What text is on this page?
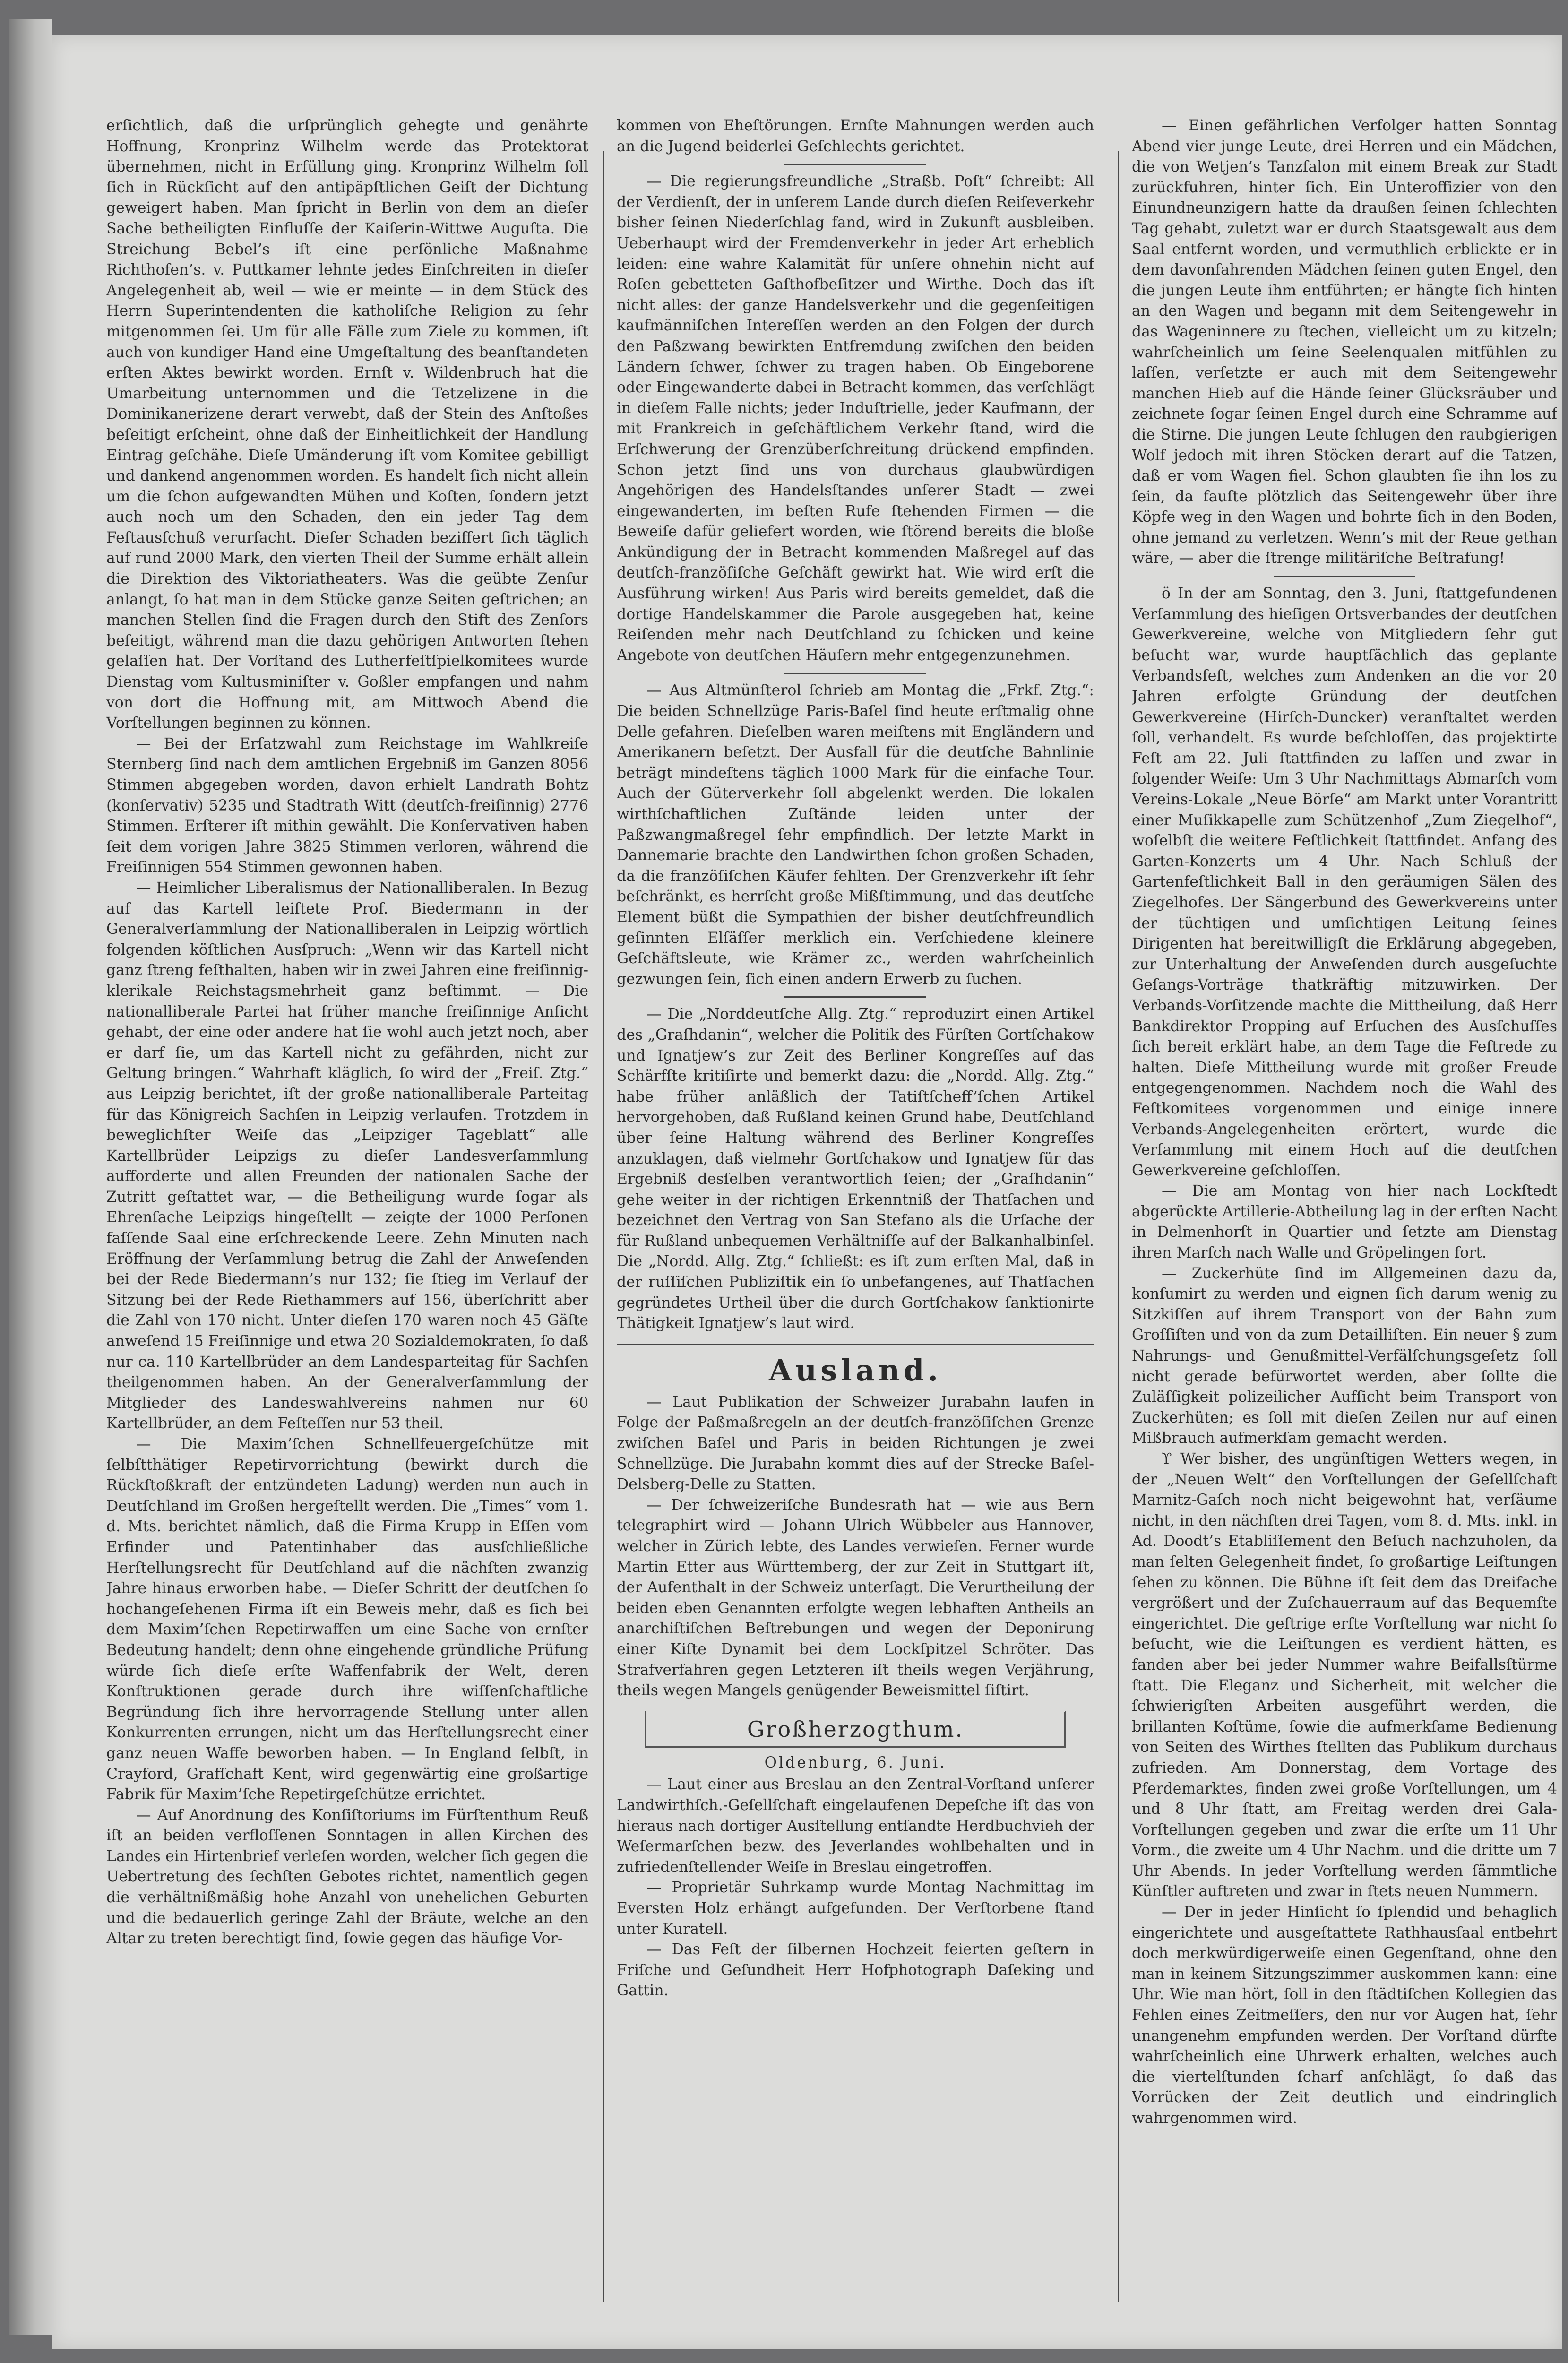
erſichtlich, daß die urſprünglich gehegte und genährte Hoffnung, Kronprinz Wilhelm werde das Protektorat übernehmen, nicht in Erfüllung ging. Kronprinz Wilhelm ſoll ſich in Rückſicht auf den antipäpſtlichen Geiſt der Dichtung geweigert haben. Man ſpricht in Berlin von dem an dieſer Sache betheiligten Einfluſſe der Kaiſerin-Wittwe Auguſta. Die Streichung Bebel’s iſt eine perſönliche Maßnahme Richthofen’s. v. Puttkamer lehnte jedes Einſchreiten in dieſer Angelegenheit ab, weil — wie er meinte — in dem Stück des Herrn Superintendenten die katholiſche Religion zu ſehr mitgenommen ſei. Um für alle Fälle zum Ziele zu kommen, iſt auch von kundiger Hand eine Umgeſtaltung des beanſtandeten erſten Aktes bewirkt worden. Ernſt v. Wildenbruch hat die Umarbeitung unternommen und die Tetzelizene in die Dominikanerizene derart verwebt, daß der Stein des Anſtoßes beſeitigt erſcheint, ohne daß der Einheitlichkeit der Handlung Eintrag geſchähe. Dieſe Umänderung iſt vom Komitee gebilligt und dankend angenommen worden. Es handelt ſich nicht allein um die ſchon aufgewandten Mühen und Koſten, ſondern jetzt auch noch um den Schaden, den ein jeder Tag dem Feſtausſchuß verurſacht. Dieſer Schaden beziffert ſich täglich auf rund 2000 Mark, den vierten Theil der Summe erhält allein die Direktion des Viktoriatheaters. Was die geübte Zenſur anlangt, ſo hat man in dem Stücke ganze Seiten geſtrichen; an manchen Stellen ſind die Fragen durch den Stift des Zenſors beſeitigt, während man die dazu gehörigen Antworten ſtehen gelaſſen hat. Der Vorſtand des Lutherfeſtſpielkomitees wurde Dienstag vom Kultusminiſter v. Goßler empfangen und nahm von dort die Hoffnung mit, am Mittwoch Abend die Vorſtellungen beginnen zu können.

— Bei der Erſatzwahl zum Reichstage im Wahlkreiſe Sternberg ſind nach dem amtlichen Ergebniß im Ganzen 8056 Stimmen abgegeben worden, davon erhielt Landrath Bohtz (konſervativ) 5235 und Stadtrath Witt (deutſch-freiſinnig) 2776 Stimmen. Erſterer iſt mithin gewählt. Die Konſervativen haben ſeit dem vorigen Jahre 3825 Stimmen verloren, während die Freiſinnigen 554 Stimmen gewonnen haben.

— Heimlicher Liberalismus der Nationalliberalen. In Bezug auf das Kartell leiſtete Prof. Biedermann in der Generalverſammlung der Nationalliberalen in Leipzig wörtlich folgenden köſtlichen Ausſpruch: „Wenn wir das Kartell nicht ganz ſtreng feſthalten, haben wir in zwei Jahren eine freiſinnig-klerikale Reichstagsmehrheit ganz beſtimmt. — Die nationalliberale Partei hat früher manche freiſinnige Anſicht gehabt, der eine oder andere hat ſie wohl auch jetzt noch, aber er darf ſie, um das Kartell nicht zu gefährden, nicht zur Geltung bringen.“ Wahrhaft kläglich, ſo wird der „Freiſ. Ztg.“ aus Leipzig berichtet, iſt der große nationalliberale Parteitag für das Königreich Sachſen in Leipzig verlaufen. Trotzdem in beweglichſter Weiſe das „Leipziger Tageblatt“ alle Kartellbrüder Leipzigs zu dieſer Landesverſammlung aufforderte und allen Freunden der nationalen Sache der Zutritt geſtattet war, — die Betheiligung wurde ſogar als Ehrenſache Leipzigs hingeſtellt — zeigte der 1000 Perſonen faſſende Saal eine erſchreckende Leere. Zehn Minuten nach Eröffnung der Verſammlung betrug die Zahl der Anweſenden bei der Rede Biedermann’s nur 132; ſie ſtieg im Verlauf der Sitzung bei der Rede Riethammers auf 156, überſchritt aber die Zahl von 170 nicht. Unter dieſen 170 waren noch 45 Gäſte anweſend 15 Freiſinnige und etwa 20 Sozialdemokraten, ſo daß nur ca. 110 Kartellbrüder an dem Landesparteitag für Sachſen theilgenommen haben. An der Generalverſammlung der Mitglieder des Landeswahlvereins nahmen nur 60 Kartellbrüder, an dem Feſteſſen nur 53 theil.

— Die Maxim’ſchen Schnellfeuergeſchütze mit ſelbſtthätiger Repetirvorrichtung (bewirkt durch die Rückſtoßkraft der entzündeten Ladung) werden nun auch in Deutſchland im Großen hergeſtellt werden. Die „Times“ vom 1. d. Mts. berichtet nämlich, daß die Firma Krupp in Eſſen vom Erfinder und Patentinhaber das ausſchließliche Herſtellungsrecht für Deutſchland auf die nächſten zwanzig Jahre hinaus erworben habe. — Dieſer Schritt der deutſchen ſo hochangeſehenen Firma iſt ein Beweis mehr, daß es ſich bei dem Maxim’ſchen Repetirwaffen um eine Sache von ernſter Bedeutung handelt; denn ohne eingehende gründliche Prüfung würde ſich dieſe erſte Waffenfabrik der Welt, deren Konſtruktionen gerade durch ihre wiſſenſchaftliche Begründung ſich ihre hervorragende Stellung unter allen Konkurrenten errungen, nicht um das Herſtellungsrecht einer ganz neuen Waffe beworben haben. — In England ſelbſt, in Crayford, Grafſchaft Kent, wird gegenwärtig eine großartige Fabrik für Maxim’ſche Repetirgeſchütze errichtet.

— Auf Anordnung des Konſiſtoriums im Fürſtenthum Reuß iſt an beiden verfloſſenen Sonntagen in allen Kirchen des Landes ein Hirtenbrief verleſen worden, welcher ſich gegen die Uebertretung des ſechſten Gebotes richtet, namentlich gegen die verhältnißmäßig hohe Anzahl von unehelichen Geburten und die bedauerlich geringe Zahl der Bräute, welche an den Altar zu treten berechtigt ſind, ſowie gegen das häufige Vor-

kommen von Eheſtörungen. Ernſte Mahnungen werden auch an die Jugend beiderlei Geſchlechts gerichtet.

— Die regierungsfreundliche „Straßb. Poſt“ ſchreibt: All der Verdienſt, der in unſerem Lande durch dieſen Reiſeverkehr bisher ſeinen Niederſchlag fand, wird in Zukunft ausbleiben. Ueberhaupt wird der Fremdenverkehr in jeder Art erheblich leiden: eine wahre Kalamität für unſere ohnehin nicht auf Roſen gebetteten Gaſthofbeſitzer und Wirthe. Doch das iſt nicht alles: der ganze Handelsverkehr und die gegenſeitigen kaufmänniſchen Intereſſen werden an den Folgen der durch den Paßzwang bewirkten Entfremdung zwiſchen den beiden Ländern ſchwer, ſchwer zu tragen haben. Ob Eingeborene oder Eingewanderte dabei in Betracht kommen, das verſchlägt in dieſem Falle nichts; jeder Induſtrielle, jeder Kaufmann, der mit Frankreich in geſchäftlichem Verkehr ſtand, wird die Erſchwerung der Grenzüberſchreitung drückend empfinden. Schon jetzt ſind uns von durchaus glaubwürdigen Angehörigen des Handelsſtandes unſerer Stadt — zwei eingewanderten, im beſten Rufe ſtehenden Firmen — die Beweiſe dafür geliefert worden, wie ſtörend bereits die bloße Ankündigung der in Betracht kommenden Maßregel auf das deutſch-franzöſiſche Geſchäft gewirkt hat. Wie wird erſt die Ausführung wirken! Aus Paris wird bereits gemeldet, daß die dortige Handelskammer die Parole ausgegeben hat, keine Reiſenden mehr nach Deutſchland zu ſchicken und keine Angebote von deutſchen Häuſern mehr entgegenzunehmen.

— Aus Altmünſterol ſchrieb am Montag die „Frkf. Ztg.“: Die beiden Schnellzüge Paris-Baſel ſind heute erſtmalig ohne Delle gefahren. Dieſelben waren meiſtens mit Engländern und Amerikanern beſetzt. Der Ausfall für die deutſche Bahnlinie beträgt mindeſtens täglich 1000 Mark für die einfache Tour. Auch der Güterverkehr ſoll abgelenkt werden. Die lokalen wirthſchaftlichen Zuſtände leiden unter der Paßzwangmaßregel ſehr empfindlich. Der letzte Markt in Dannemarie brachte den Landwirthen ſchon großen Schaden, da die franzöſiſchen Käufer fehlten. Der Grenzverkehr iſt ſehr beſchränkt, es herrſcht große Mißſtimmung, und das deutſche Element büßt die Sympathien der bisher deutſchfreundlich geſinnten Elſäſſer merklich ein. Verſchiedene kleinere Geſchäftsleute, wie Krämer zc., werden wahrſcheinlich gezwungen ſein, ſich einen andern Erwerb zu ſuchen.

— Die „Norddeutſche Allg. Ztg.“ reproduzirt einen Artikel des „Graſhdanin“, welcher die Politik des Fürſten Gortſchakow und Ignatjew’s zur Zeit des Berliner Kongreſſes auf das Schärfſte kritiſirte und bemerkt dazu: die „Nordd. Allg. Ztg.“ habe früher anläßlich der Tatiſtſcheff’ſchen Artikel hervorgehoben, daß Rußland keinen Grund habe, Deutſchland über ſeine Haltung während des Berliner Kongreſſes anzuklagen, daß vielmehr Gortſchakow und Ignatjew für das Ergebniß desſelben verantwortlich ſeien; der „Graſhdanin“ gehe weiter in der richtigen Erkenntniß der Thatſachen und bezeichnet den Vertrag von San Stefano als die Urſache der für Rußland unbequemen Verhältniſſe auf der Balkanhalbinſel. Die „Nordd. Allg. Ztg.“ ſchließt: es iſt zum erſten Mal, daß in der ruſſiſchen Publiziſtik ein ſo unbefangenes, auf Thatſachen gegründetes Urtheil über die durch Gortſchakow ſanktionirte Thätigkeit Ignatjew’s laut wird.

Ausland.

— Laut Publikation der Schweizer Jurabahn laufen in Folge der Paßmaßregeln an der deutſch-franzöſiſchen Grenze zwiſchen Baſel und Paris in beiden Richtungen je zwei Schnellzüge. Die Jurabahn kommt dies auf der Strecke Baſel-Delsberg-Delle zu Statten.

— Der ſchweizeriſche Bundesrath hat — wie aus Bern telegraphirt wird — Johann Ulrich Wübbeler aus Hannover, welcher in Zürich lebte, des Landes verwieſen. Ferner wurde Martin Etter aus Württemberg, der zur Zeit in Stuttgart iſt, der Aufenthalt in der Schweiz unterſagt. Die Verurtheilung der beiden eben Genannten erfolgte wegen lebhaften Antheils an anarchiſtiſchen Beſtrebungen und wegen der Deponirung einer Kiſte Dynamit bei dem Lockſpitzel Schröter. Das Strafverfahren gegen Letzteren iſt theils wegen Verjährung, theils wegen Mangels genügender Beweismittel ſiſtirt.

Großherzogthum.
Oldenburg, 6. Juni.

— Laut einer aus Breslau an den Zentral-Vorſtand unſerer Landwirthſch.-Geſellſchaft eingelaufenen Depeſche iſt das von hieraus nach dortiger Ausſtellung entſandte Herdbuchvieh der Weſermarſchen bezw. des Jeverlandes wohlbehalten und in zufriedenſtellender Weiſe in Breslau eingetroffen.

— Proprietär Suhrkamp wurde Montag Nachmittag im Eversten Holz erhängt aufgefunden. Der Verſtorbene ſtand unter Kuratell.

— Das Feſt der ſilbernen Hochzeit feierten geſtern in Friſche und Geſundheit Herr Hofphotograph Daſeking und Gattin.

— Einen gefährlichen Verfolger hatten Sonntag Abend vier junge Leute, drei Herren und ein Mädchen, die von Wetjen’s Tanzſalon mit einem Break zur Stadt zurückfuhren, hinter ſich. Ein Unteroffizier von den Einundneunzigern hatte da draußen ſeinen ſchlechten Tag gehabt, zuletzt war er durch Staatsgewalt aus dem Saal entfernt worden, und vermuthlich erblickte er in dem davonfahrenden Mädchen ſeinen guten Engel, den die jungen Leute ihm entführten; er hängte ſich hinten an den Wagen und begann mit dem Seitengewehr in das Wageninnere zu ſtechen, vielleicht um zu kitzeln; wahrſcheinlich um ſeine Seelenqualen mitfühlen zu laſſen, verſetzte er auch mit dem Seitengewehr manchen Hieb auf die Hände ſeiner Glücksräuber und zeichnete ſogar ſeinen Engel durch eine Schramme auf die Stirne. Die jungen Leute ſchlugen den raubgierigen Wolf jedoch mit ihren Stöcken derart auf die Tatzen, daß er vom Wagen fiel. Schon glaubten ſie ihn los zu ſein, da fauſte plötzlich das Seitengewehr über ihre Köpfe weg in den Wagen und bohrte ſich in den Boden, ohne jemand zu verletzen. Wenn’s mit der Reue gethan wäre, — aber die ſtrenge militäriſche Beſtrafung!

ö In der am Sonntag, den 3. Juni, ſtattgefundenen Verſammlung des hieſigen Ortsverbandes der deutſchen Gewerkvereine, welche von Mitgliedern ſehr gut beſucht war, wurde hauptſächlich das geplante Verbandsfeſt, welches zum Andenken an die vor 20 Jahren erfolgte Gründung der deutſchen Gewerkvereine (Hirſch-Duncker) veranſtaltet werden ſoll, verhandelt. Es wurde beſchloſſen, das projektirte Feſt am 22. Juli ſtattfinden zu laſſen und zwar in folgender Weiſe: Um 3 Uhr Nachmittags Abmarſch vom Vereins-Lokale „Neue Börſe“ am Markt unter Vorantritt einer Muſikkapelle zum Schützenhof „Zum Ziegelhof“, woſelbſt die weitere Feſtlichkeit ſtattfindet. Anfang des Garten-Konzerts um 4 Uhr. Nach Schluß der Gartenfeſtlichkeit Ball in den geräumigen Sälen des Ziegelhofes. Der Sängerbund des Gewerkvereins unter der tüchtigen und umſichtigen Leitung ſeines Dirigenten hat bereitwilligſt die Erklärung abgegeben, zur Unterhaltung der Anweſenden durch ausgeſuchte Geſangs-Vorträge thatkräftig mitzuwirken. Der Verbands-Vorſitzende machte die Mittheilung, daß Herr Bankdirektor Propping auf Erſuchen des Ausſchuſſes ſich bereit erklärt habe, an dem Tage die Feſtrede zu halten. Dieſe Mittheilung wurde mit großer Freude entgegengenommen. Nachdem noch die Wahl des Feſtkomitees vorgenommen und einige innere Verbands-Angelegenheiten erörtert, wurde die Verſammlung mit einem Hoch auf die deutſchen Gewerkvereine geſchloſſen.

— Die am Montag von hier nach Lockſtedt abgerückte Artillerie-Abtheilung lag in der erſten Nacht in Delmenhorſt in Quartier und ſetzte am Dienstag ihren Marſch nach Walle und Gröpelingen fort.

— Zuckerhüte ſind im Allgemeinen dazu da, konſumirt zu werden und eignen ſich darum wenig zu Sitzkiſſen auf ihrem Transport von der Bahn zum Groſſiſten und von da zum Detailliſten. Ein neuer § zum Nahrungs- und Genußmittel-Verfälſchungsgeſetz ſoll nicht gerade befürwortet werden, aber ſollte die Zuläſſigkeit polizeilicher Aufſicht beim Transport von Zuckerhüten; es ſoll mit dieſen Zeilen nur auf einen Mißbrauch aufmerkſam gemacht werden.

ϒ Wer bisher, des ungünſtigen Wetters wegen, in der „Neuen Welt“ den Vorſtellungen der Geſellſchaft Marnitz-Gaſch noch nicht beigewohnt hat, verſäume nicht, in den nächſten drei Tagen, vom 8. d. Mts. inkl. in Ad. Doodt’s Etabliſſement den Beſuch nachzuholen, da man ſelten Gelegenheit findet, ſo großartige Leiſtungen ſehen zu können. Die Bühne iſt ſeit dem das Dreifache vergrößert und der Zuſchauerraum auf das Bequemſte eingerichtet. Die geſtrige erſte Vorſtellung war nicht ſo beſucht, wie die Leiſtungen es verdient hätten, es fanden aber bei jeder Nummer wahre Beifallsſtürme ſtatt. Die Eleganz und Sicherheit, mit welcher die ſchwierigſten Arbeiten ausgeführt werden, die brillanten Koſtüme, ſowie die aufmerkſame Bedienung von Seiten des Wirthes ſtellten das Publikum durchaus zufrieden. Am Donnerstag, dem Vortage des Pferdemarktes, finden zwei große Vorſtellungen, um 4 und 8 Uhr ſtatt, am Freitag werden drei Gala-Vorſtellungen gegeben und zwar die erſte um 11 Uhr Vorm., die zweite um 4 Uhr Nachm. und die dritte um 7 Uhr Abends. In jeder Vorſtellung werden ſämmtliche Künſtler auftreten und zwar in ſtets neuen Nummern.

— Der in jeder Hinſicht ſo ſplendid und behaglich eingerichtete und ausgeſtattete Rathhausſaal entbehrt doch merkwürdigerweiſe einen Gegenſtand, ohne den man in keinem Sitzungszimmer auskommen kann: eine Uhr. Wie man hört, ſoll in den ſtädtiſchen Kollegien das Fehlen eines Zeitmeſſers, den nur vor Augen hat, ſehr unangenehm empfunden werden. Der Vorſtand dürfte wahrſcheinlich eine Uhrwerk erhalten, welches auch die viertelſtunden ſcharf anſchlägt, ſo daß das Vorrücken der Zeit deutlich und eindringlich wahrgenommen wird.
